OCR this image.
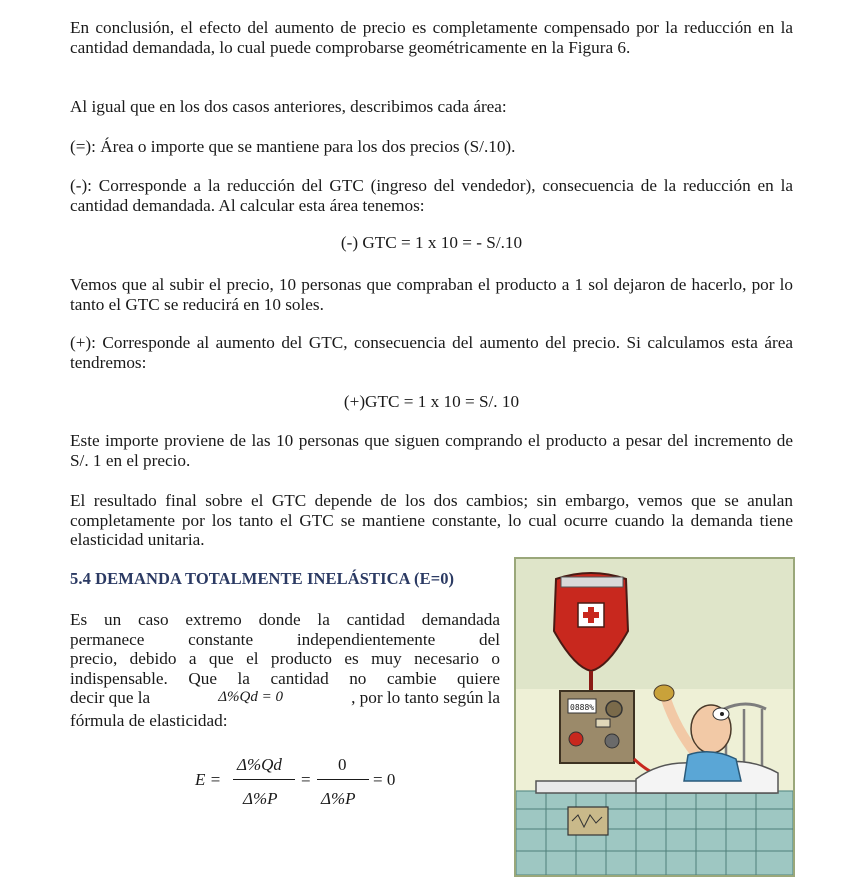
En conclusión, el efecto del aumento de precio es completamente compensado por la reducción en la cantidad demandada, lo cual puede comprobarse geométricamente en la Figura 6.

Al igual que en los dos casos anteriores, describimos cada área:

(=): Área o importe que se mantiene para los dos precios (S/.10).

(-): Corresponde a la reducción del GTC (ingreso del vendedor), consecuencia de la reducción en la cantidad demandada. Al calcular esta área tenemos:

(-) GTC = 1 x 10 = - S/.10

Vemos que al subir el precio, 10 personas que compraban el producto a 1 sol dejaron de hacerlo, por lo tanto el GTC se reducirá en 10 soles.

(+): Corresponde al aumento del GTC, consecuencia del aumento del precio. Si calculamos esta área tendremos:

(+)GTC = 1 x 10 = S/. 10

Este importe proviene de las 10 personas que siguen comprando el producto a pesar del incremento de S/. 1 en el precio.

El resultado final sobre el GTC depende de los dos cambios; sin embargo, vemos que se anulan completamente por los tanto el GTC se mantiene constante, lo cual ocurre cuando la demanda tiene elasticidad unitaria.

5.4 DEMANDA TOTALMENTE INELÁSTICA (E=0)

Es un caso extremo donde la cantidad demandada

permanece constante independientemente del

precio, debido a que el producto es muy necesario o

indispensable. Que la cantidad no cambie quiere

decir que la	Δ%Qd = 0	, por lo tanto según la

fórmula de elasticidad:

E =
Δ%Qd
Δ%P
=
0
Δ%P
= 0
0888%
